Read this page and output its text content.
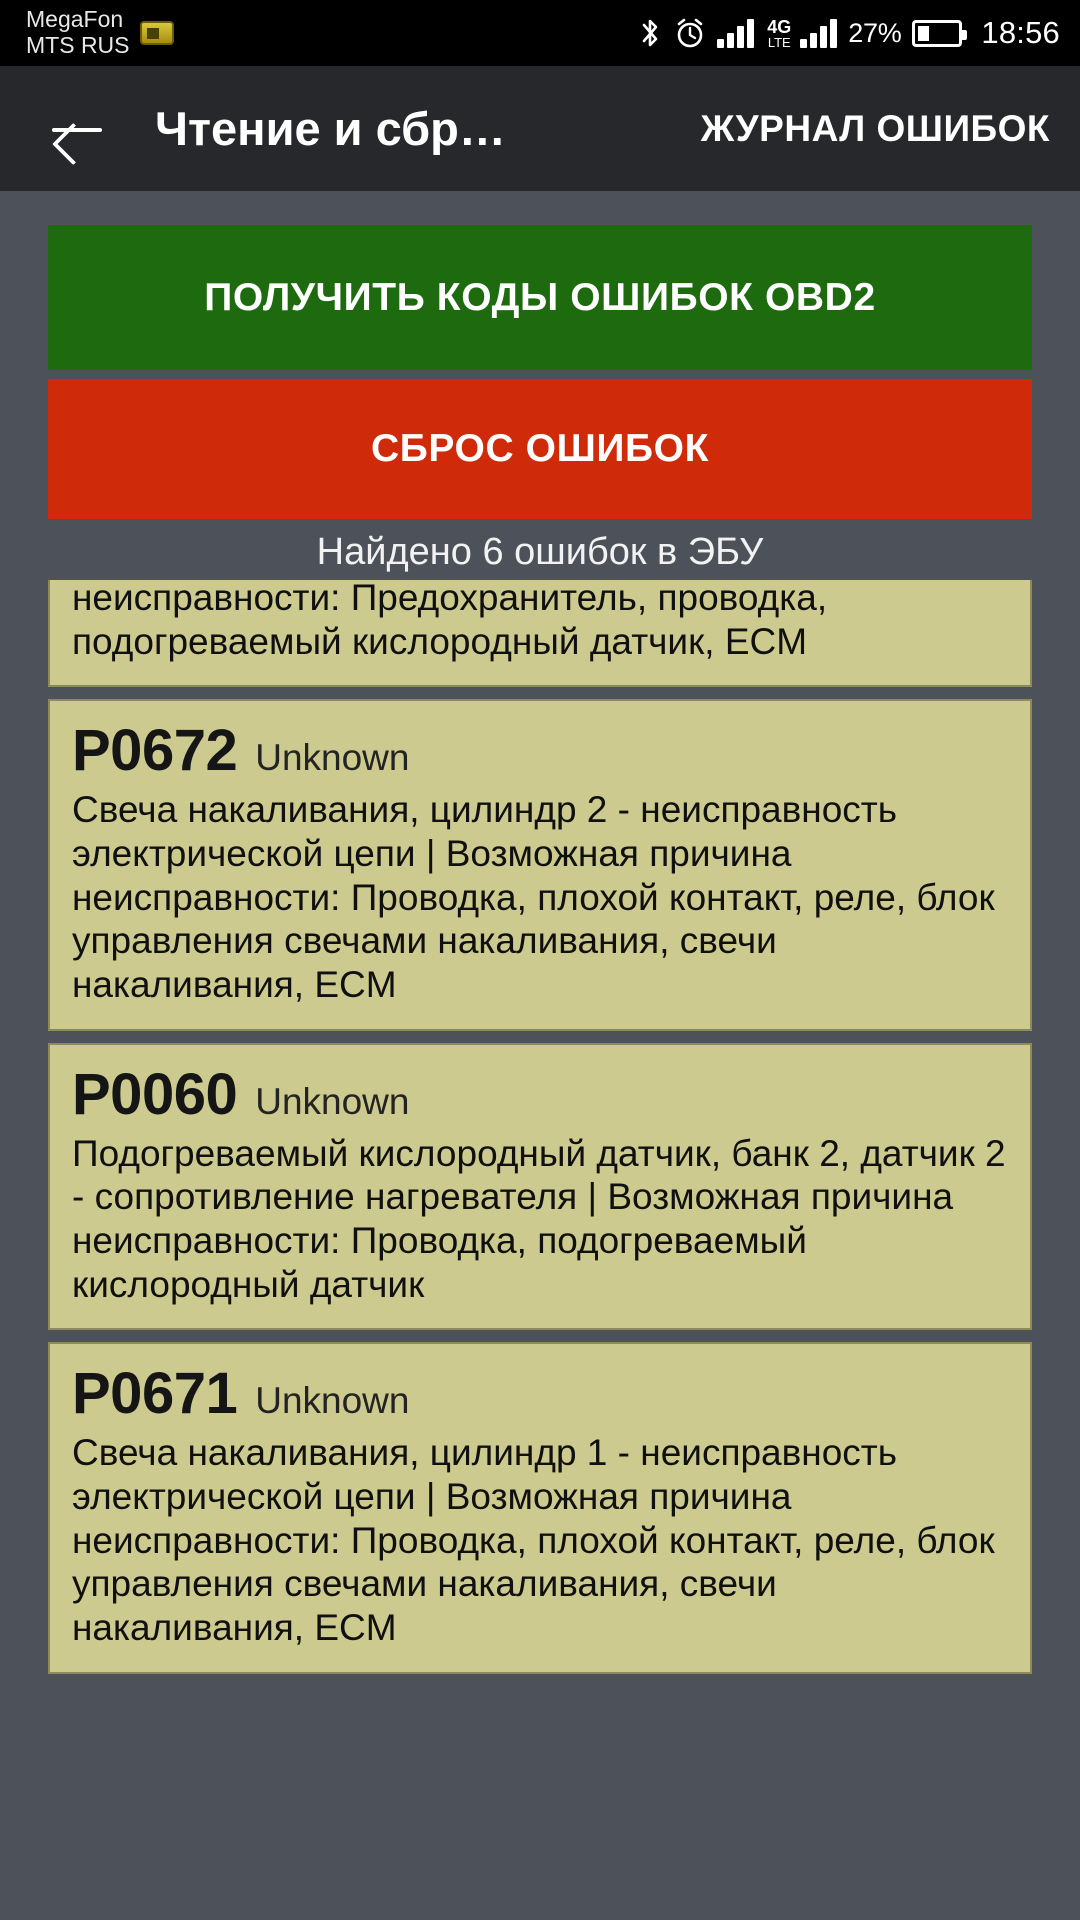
MegaFon
MTS RUS
4G
LTE 27%	18:56
Чтение и сбр…	ЖУРНАЛ ОШИБОК
ПОЛУЧИТЬ КОДЫ ОШИБОК OBD2
СБРОС ОШИБОК
Найдено 6 ошибок в ЭБУ
неисправности: Предохранитель, проводка, подогреваемый кислородный датчик, ECM
P0672 Unknown
Свеча накаливания, цилиндр 2 - неисправность электрической цепи | Возможная причина неисправности: Проводка, плохой контакт, реле, блок управления свечами накаливания, свечи накаливания, ECM
P0060 Unknown
Подогреваемый кислородный датчик, банк 2, датчик 2 - сопротивление нагревателя | Возможная причина неисправности: Проводка, подогреваемый кислородный датчик
P0671 Unknown
Свеча накаливания, цилиндр 1 - неисправность электрической цепи | Возможная причина неисправности: Проводка, плохой контакт, реле, блок управления свечами накаливания, свечи накаливания, ECM
